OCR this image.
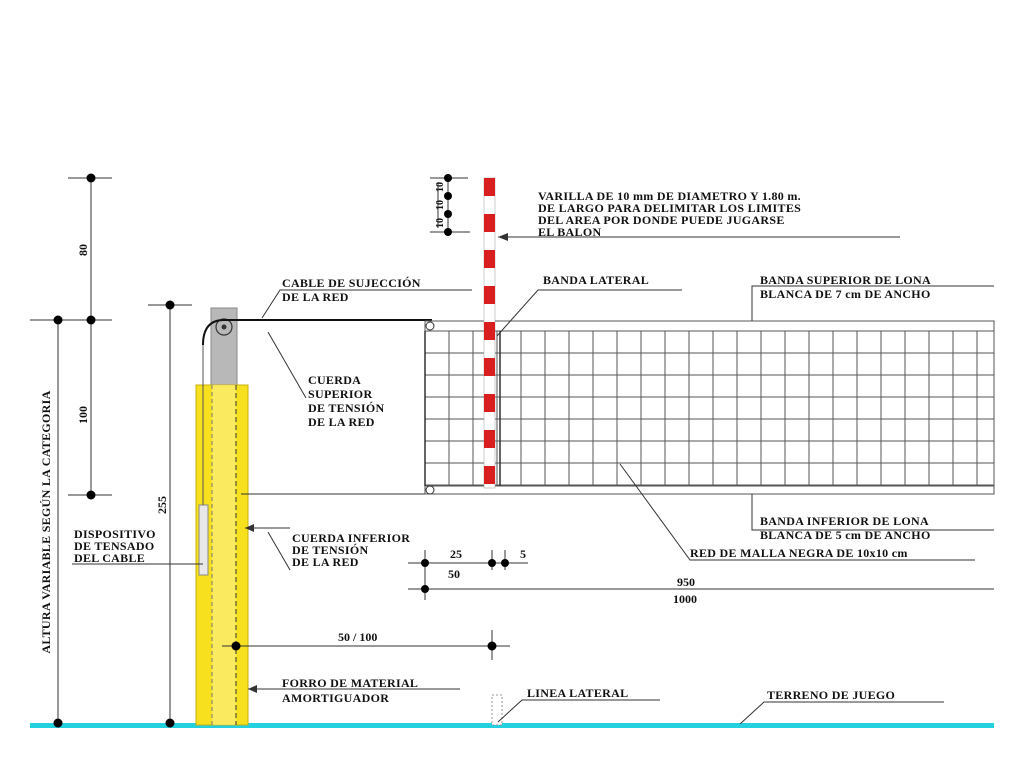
80
100
ALTURA VARIABLE SEGÚN LA CATEGORIA	255
10
10
10
VARILLA DE 10 mm DE DIAMETRO Y 1.80 m.
DE LARGO PARA DELIMITAR LOS LIMITES
DEL AREA POR DONDE PUEDE JUGARSE
EL BALON
CABLE DE SUJECCIÓN
DE LA RED
BANDA LATERAL	BANDA SUPERIOR DE LONA
BLANCA DE 7 cm DE ANCHO
CUERDA
SUPERIOR
DE TENSIÓN
DE LA RED
DISPOSITIVO
DE TENSADO
DEL CABLE
CUERDA INFERIOR
DE TENSIÓN
DE LA RED
BANDA INFERIOR DE LONA
BLANCA DE 5 cm DE ANCHO
RED DE MALLA NEGRA DE 10x10 cm
25	5
50
950
1000
50 / 100
FORRO DE MATERIAL
AMORTIGUADOR	LINEA LATERAL	TERRENO DE JUEGO
